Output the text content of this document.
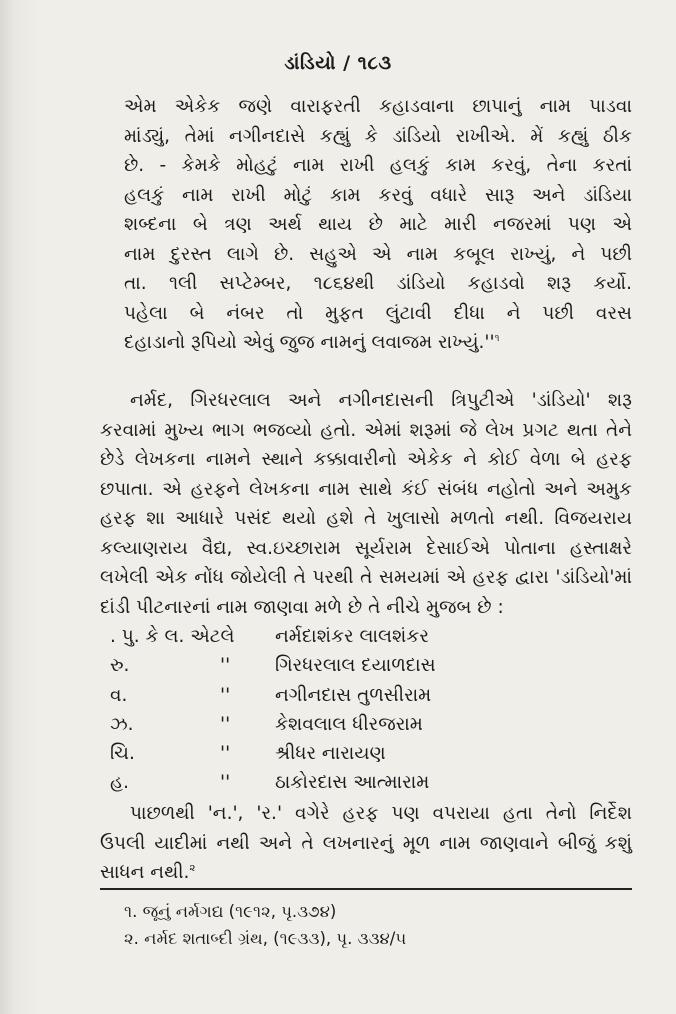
ડાંડિયો / ૧૮૩
એમ એકેક જણે વારાફરતી કહાડવાના છાપાનું નામ પાડવા
માંડ્યું, તેમાં નગીનદાસે કહ્યું કે ડાંડિયો રાખીએ. મેં કહ્યું ઠીક
છે. - કેમકે મોહટું નામ રાખી હલકું કામ કરવું, તેના કરતાં
હલકું નામ રાખી મોટું કામ કરવું વધારે સારૂ અને ડાંડિયા
શબ્દના બે ત્રણ અર્થ થાય છે માટે મારી નજરમાં પણ એ
નામ દુરસ્ત લાગે છે. સહુએ એ નામ કબૂલ રાખ્યું, ને પછી
તા. ૧લી સપ્ટેમ્બર, ૧૮૬૪થી ડાંડિયો કહાડવો શરૂ કર્યો.
પહેલા બે નંબર તો મુફત લુંટાવી દીધા ને પછી વરસ
દહાડાનો રૂપિયો એવું જુજ નામનું લવાજમ $રાખ્યું.''^૧$
નર્મદ, ગિરધરલાલ અને નગીનદાસની ત્રિપુટીએ 'ડાંડિયો' શરૂ
કરવામાં મુખ્ય ભાગ ભજવ્યો હતો. એમાં શરૂમાં જે લેખ પ્રગટ થતા તેને
છેડે લેખકના નામને સ્થાને કક્કાવારીનો એકેક ને કોઈ વેળા બે હરફ
છપાતા. એ હરફને લેખકના નામ સાથે કંઈ સંબંધ નહોતો અને અમુક
હરફ શા આધારે પસંદ થયો હશે તે ખુલાસો મળતો નથી. વિજયરાય
કલ્યાણરાય વૈદ્ય, સ્વ.ઇચ્છારામ સૂર્યરામ દેસાઈએ પોતાના હસ્તાક્ષરે
લખેલી એક નોંધ જોયેલી તે પરથી તે સમયમાં એ હરફ દ્વારા 'ડાંડિયો'માં
દાંડી પીટનારનાં નામ જાણવા મળે છે તે નીચે મુજબ છે :
. પુ. કે લ. એટલે નર્મદાશંકર લાલશંકર
રુ.	''	ગિરધરલાલ દયાળદાસ
વ.	''	નગીનદાસ તુળસીરામ
ઝ.	''	કેશવલાલ ધીરજરામ
ચિ.	''	શ્રીધર નારાયણ
હ.	''	ઠાકોરદાસ આત્મારામ
પાછળથી 'ન.', 'ર.' વગેરે હરફ પણ વપરાયા હતા તેનો નિર્દેશ
ઉપલી યાદીમાં નથી અને તે લખનારનું મૂળ નામ જાણવાને બીજું કશું
સાધન નથી.$^૨$
૧. જૂનું નર્મગદ્ય (૧૯૧૨, પૃ.૩૭૪)
૨. નર્મદ શતાબ્દી ગ્રંથ, (૧૯૩૩), પૃ. ૩૩૪/૫
